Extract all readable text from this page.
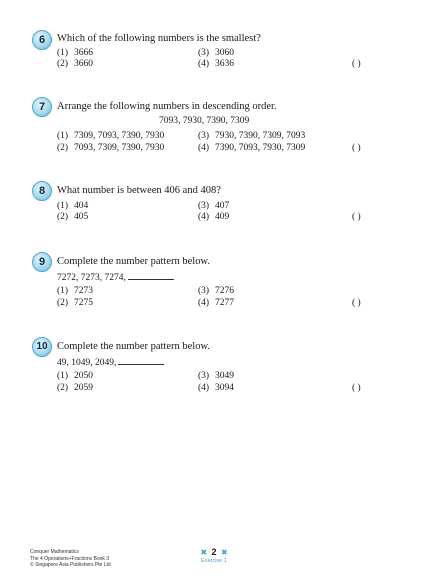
6	Which of the following numbers is the smallest?
(1) 3666	(3) 3060
(2) 3660	(4) 3636	( )
7	Arrange the following numbers in descending order.
7093, 7930, 7390, 7309
(1) 7309, 7093, 7390, 7930	(3) 7930, 7390, 7309, 7093
(2) 7093, 7309, 7390, 7930	(4) 7390, 7093, 7930, 7309	( )
8	What number is between 406 and 408?
(1) 404	(3) 407
(2) 405	(4) 409	( )
9	Complete the number pattern below.
7272, 7273, 7274,
(1) 7273	(3) 7276
(2) 7275	(4) 7277	( )
10 Complete the number pattern below.
49, 1049, 2049,
(1) 2050	(3) 3049
(2) 2059	(4) 3094	( )
Conquer Mathematics
The 4 Operations+Fractions Book 3
© Singapore Asia Publishers Pte Ltd
✖ 2 ✖
Exercise 1
